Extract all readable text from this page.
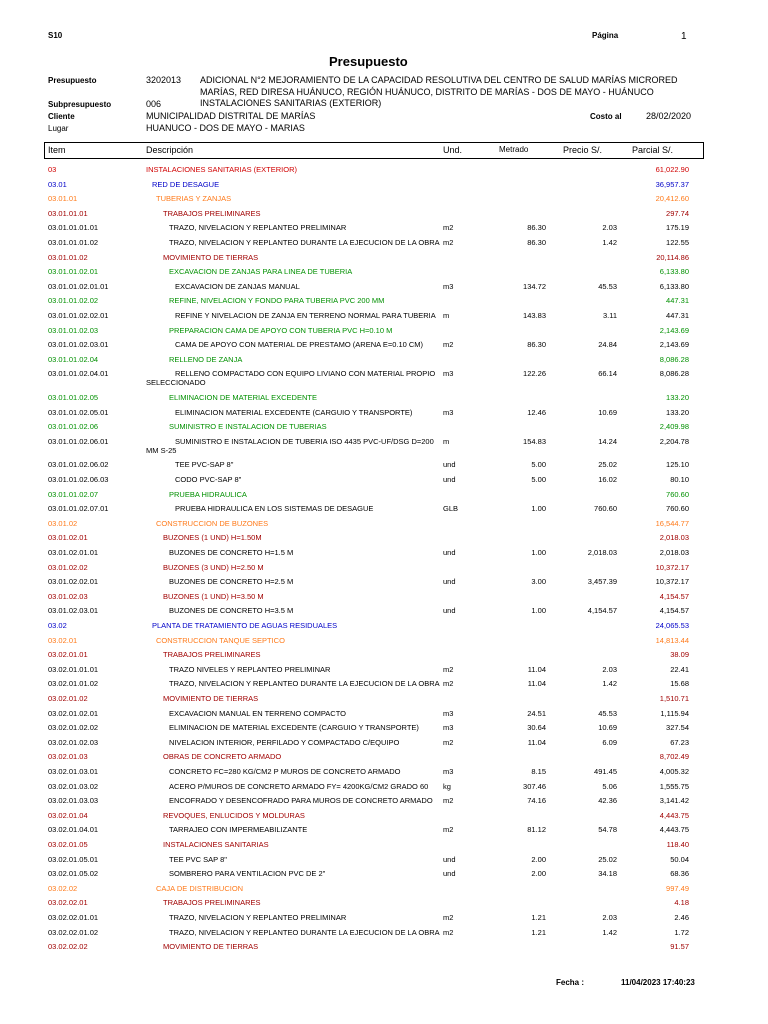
S10	Página	1
Presupuesto
Presupuesto	3202013 ADICIONAL N°2 MEJORAMIENTO DE LA CAPACIDAD RESOLUTIVA DEL CENTRO DE SALUD MARÍAS MICRORED
MARÍAS, RED DIRESA HUÁNUCO, REGIÓN HUÁNUCO, DISTRITO DE MARÍAS - DOS DE MAYO - HUÁNUCO
Subpresupuesto	006	INSTALACIONES SANITARIAS (EXTERIOR)
Cliente	MUNICIPALIDAD DISTRITAL DE MARÍAS	Costo al	28/02/2020
Lugar	HUANUCO - DOS DE MAYO - MARIAS
Item	Descripción	Und.	Metrado	Precio S/.	Parcial S/.
03	INSTALACIONES SANITARIAS (EXTERIOR)	61,022.90
03.01	RED DE DESAGUE	36,957.37
03.01.01	TUBERIAS Y ZANJAS	20,412.60
03.01.01.01	TRABAJOS PRELIMINARES	297.74
03.01.01.01.01	TRAZO, NIVELACION Y REPLANTEO PRELIMINAR	m2	86.30	2.03	175.19
03.01.01.01.02	TRAZO, NIVELACION Y REPLANTEO DURANTE LA EJECUCION DE LA OBRA m2	86.30	1.42	122.55
03.01.01.02	MOVIMIENTO DE TIERRAS	20,114.86
03.01.01.02.01	EXCAVACION DE ZANJAS PARA LINEA DE TUBERIA	6,133.80
03.01.01.02.01.01	EXCAVACION DE ZANJAS MANUAL	m3	134.72	45.53	6,133.80
03.01.01.02.02	REFINE, NIVELACION Y FONDO PARA TUBERIA PVC 200 MM	447.31
03.01.01.02.02.01	REFINE Y NIVELACION DE ZANJA EN TERRENO NORMAL PARA TUBERIA m	143.83	3.11	447.31
03.01.01.02.03	PREPARACION CAMA DE APOYO CON TUBERIA PVC H=0.10 M	2,143.69
03.01.01.02.03.01	CAMA DE APOYO CON MATERIAL DE PRESTAMO (ARENA E=0.10 CM)	m2	86.30	24.84	2,143.69
03.01.01.02.04	RELLENO DE ZANJA	8,086.28
03.01.01.02.04.01	RELLENO COMPACTADO CON EQUIPO LIVIANO CON MATERIAL PROPIO m3	122.26	66.14	8,086.28
SELECCIONADO
03.01.01.02.05	ELIMINACION DE MATERIAL EXCEDENTE	133.20
03.01.01.02.05.01	ELIMINACION MATERIAL EXCEDENTE (CARGUIO Y TRANSPORTE)	m3	12.46	10.69	133.20
03.01.01.02.06	SUMINISTRO E INSTALACION DE TUBERIAS	2,409.98
03.01.01.02.06.01	SUMINISTRO E INSTALACION DE TUBERIA ISO 4435 PVC-UF/DSG D=200 m	154.83	14.24	2,204.78
MM S-25
03.01.01.02.06.02	TEE PVC-SAP 8"	und	5.00	25.02	125.10
03.01.01.02.06.03	CODO PVC-SAP 8"	und	5.00	16.02	80.10
03.01.01.02.07	PRUEBA HIDRAULICA	760.60
03.01.01.02.07.01	PRUEBA HIDRAULICA EN LOS SISTEMAS DE DESAGUE	GLB	1.00	760.60	760.60
03.01.02	CONSTRUCCION DE BUZONES	16,544.77
03.01.02.01	BUZONES (1 UND) H=1.50M	2,018.03
03.01.02.01.01	BUZONES DE CONCRETO H=1.5 M	und	1.00	2,018.03	2,018.03
03.01.02.02	BUZONES (3 UND) H=2.50 M	10,372.17
03.01.02.02.01	BUZONES DE CONCRETO H=2.5 M	und	3.00	3,457.39	10,372.17
03.01.02.03	BUZONES (1 UND) H=3.50 M	4,154.57
03.01.02.03.01	BUZONES DE CONCRETO H=3.5 M	und	1.00	4,154.57	4,154.57
03.02	PLANTA DE TRATAMIENTO DE AGUAS RESIDUALES	24,065.53
03.02.01	CONSTRUCCION TANQUE SEPTICO	14,813.44
03.02.01.01	TRABAJOS PRELIMINARES	38.09
03.02.01.01.01	TRAZO NIVELES Y REPLANTEO PRELIMINAR	m2	11.04	2.03	22.41
03.02.01.01.02	TRAZO, NIVELACION Y REPLANTEO DURANTE LA EJECUCION DE LA OBRA m2	11.04	1.42	15.68
03.02.01.02	MOVIMIENTO DE TIERRAS	1,510.71
03.02.01.02.01	EXCAVACION MANUAL EN TERRENO COMPACTO	m3	24.51	45.53	1,115.94
03.02.01.02.02	ELIMINACION DE MATERIAL EXCEDENTE (CARGUIO Y TRANSPORTE)	m3	30.64	10.69	327.54
03.02.01.02.03	NIVELACION INTERIOR, PERFILADO Y COMPACTADO C/EQUIPO	m2	11.04	6.09	67.23
03.02.01.03	OBRAS DE CONCRETO ARMADO	8,702.49
03.02.01.03.01	CONCRETO FC=280 KG/CM2 P MUROS DE CONCRETO ARMADO	m3	8.15	491.45	4,005.32
03.02.01.03.02	ACERO P/MUROS DE CONCRETO ARMADO FY= 4200KG/CM2 GRADO 60 kg	307.46	5.06	1,555.75
03.02.01.03.03	ENCOFRADO Y DESENCOFRADO PARA MUROS DE CONCRETO ARMADO m2	74.16	42.36	3,141.42
03.02.01.04	REVOQUES, ENLUCIDOS Y MOLDURAS	4,443.75
03.02.01.04.01	TARRAJEO CON IMPERMEABILIZANTE	m2	81.12	54.78	4,443.75
03.02.01.05	INSTALACIONES SANITARIAS	118.40
03.02.01.05.01	TEE PVC SAP 8"	und	2.00	25.02	50.04
03.02.01.05.02	SOMBRERO PARA VENTILACION PVC DE 2"	und	2.00	34.18	68.36
03.02.02	CAJA DE DISTRIBUCION	997.49
03.02.02.01	TRABAJOS PRELIMINARES	4.18
03.02.02.01.01	TRAZO, NIVELACION Y REPLANTEO PRELIMINAR	m2	1.21	2.03	2.46
03.02.02.01.02	TRAZO, NIVELACION Y REPLANTEO DURANTE LA EJECUCION DE LA OBRA m2	1.21	1.42	1.72
03.02.02.02	MOVIMIENTO DE TIERRAS	91.57
Fecha :	11/04/2023 17:40:23
